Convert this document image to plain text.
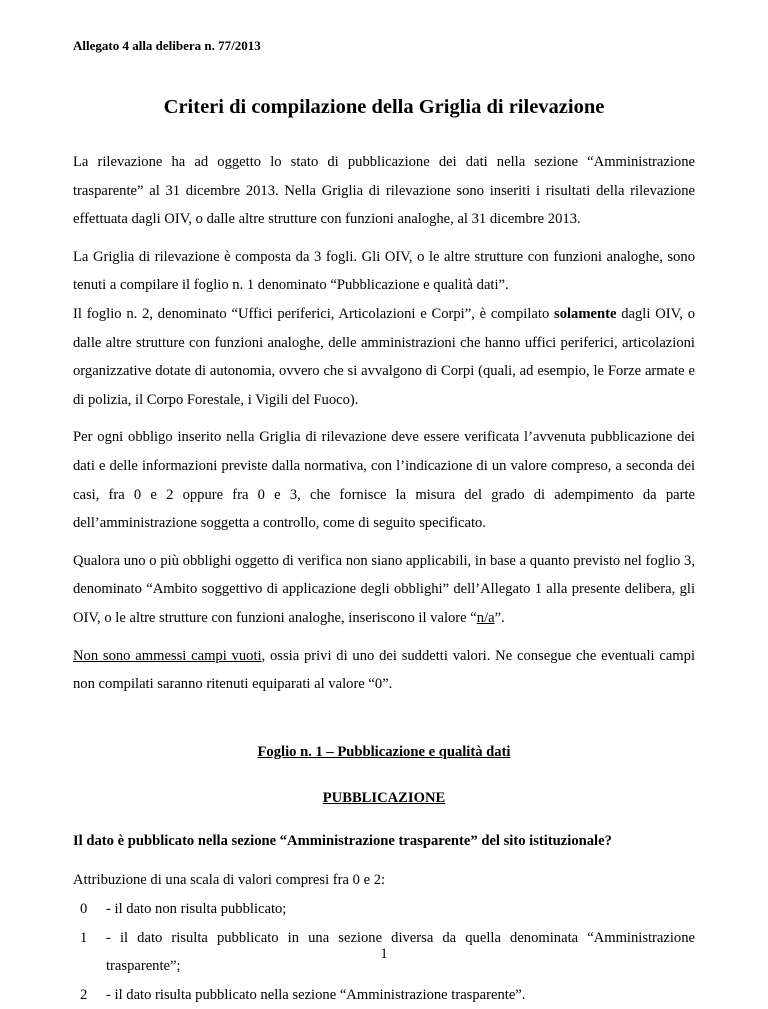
Allegato 4 alla delibera n. 77/2013
Criteri di compilazione della Griglia di rilevazione

La rilevazione ha ad oggetto lo stato di pubblicazione dei dati nella sezione “Amministrazione trasparente” al 31 dicembre 2013. Nella Griglia di rilevazione sono inseriti i risultati della rilevazione effettuata dagli OIV, o dalle altre strutture con funzioni analoghe, al 31 dicembre 2013.

La Griglia di rilevazione è composta da 3 fogli. Gli OIV, o le altre strutture con funzioni analoghe, sono tenuti a compilare il foglio n. 1 denominato “Pubblicazione e qualità dati”.

Il foglio n. 2, denominato “Uffici periferici, Articolazioni e Corpi”, è compilato solamente dagli OIV, o dalle altre strutture con funzioni analoghe, delle amministrazioni che hanno uffici periferici, articolazioni organizzative dotate di autonomia, ovvero che si avvalgono di Corpi (quali, ad esempio, le Forze armate e di polizia, il Corpo Forestale, i Vigili del Fuoco).

Per ogni obbligo inserito nella Griglia di rilevazione deve essere verificata l’avvenuta pubblicazione dei dati e delle informazioni previste dalla normativa, con l’indicazione di un valore compreso, a seconda dei casi, fra 0 e 2 oppure fra 0 e 3, che fornisce la misura del grado di adempimento da parte dell’amministrazione soggetta a controllo, come di seguito specificato.

Qualora uno o più obblighi oggetto di verifica non siano applicabili, in base a quanto previsto nel foglio 3, denominato “Ambito soggettivo di applicazione degli obblighi” dell’Allegato 1 alla presente delibera, gli OIV, o le altre strutture con funzioni analoghe, inseriscono il valore “n/a”.

Non sono ammessi campi vuoti, ossia privi di uno dei suddetti valori. Ne consegue che eventuali campi non compilati saranno ritenuti equiparati al valore “0”.

Foglio n. 1 – Pubblicazione e qualità dati

PUBBLICAZIONE

Il dato è pubblicato nella sezione “Amministrazione trasparente” del sito istituzionale?

Attribuzione di una scala di valori compresi fra 0 e 2:

0	- il dato non risulta pubblicato;
1	- il dato risulta pubblicato in una sezione diversa da quella denominata “Amministrazione trasparente”;
2	- il dato risulta pubblicato nella sezione “Amministrazione trasparente”.
1
